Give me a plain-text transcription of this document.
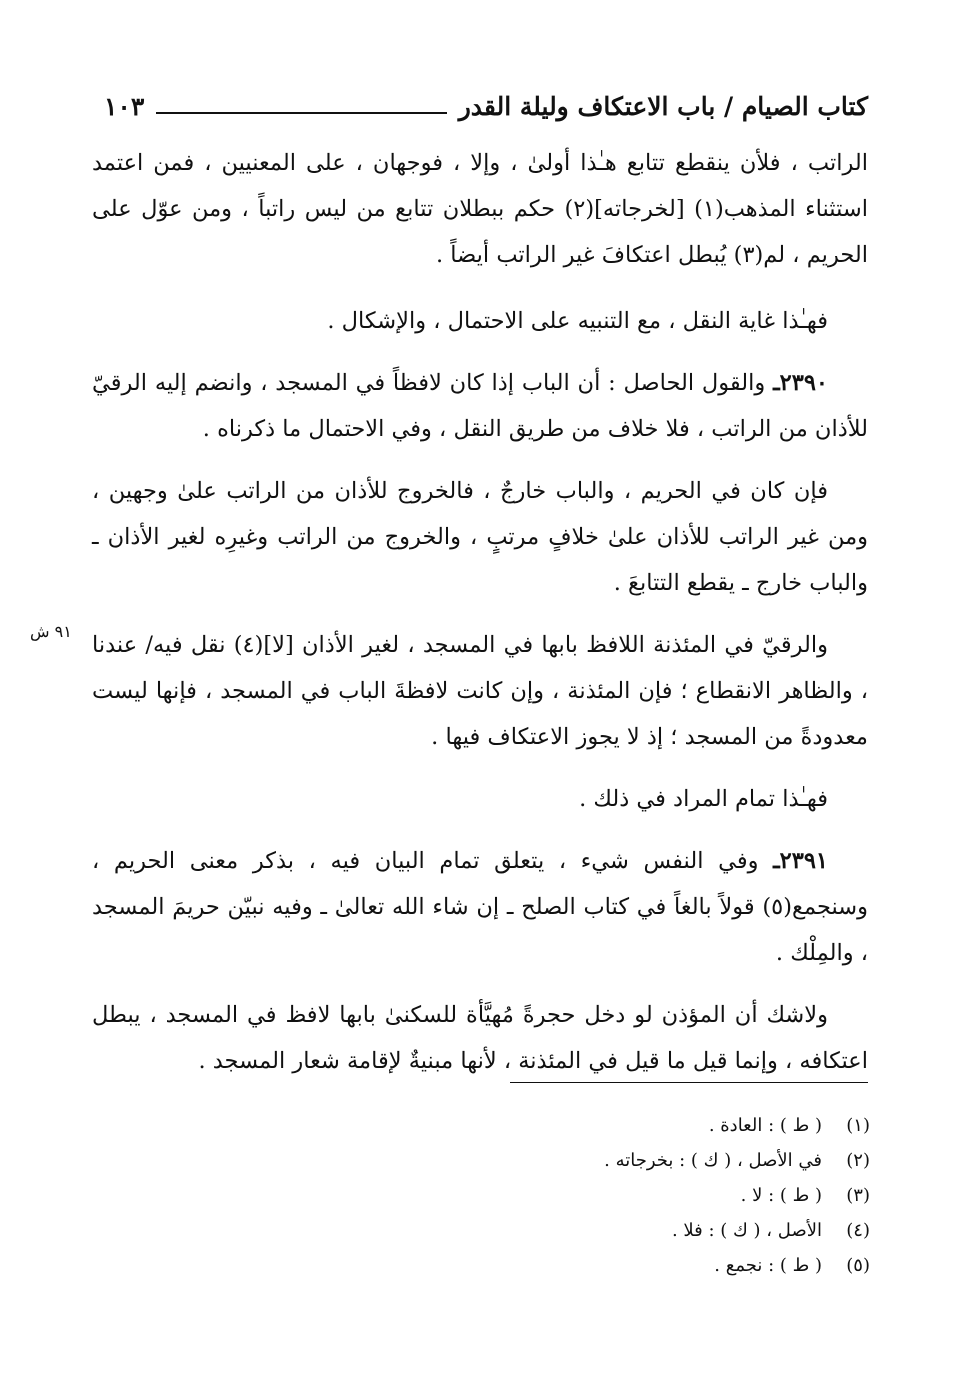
كتاب الصيام / باب الاعتكاف وليلة القدر
١٠٣

الراتب ، فلأن ينقطع تتابع هـٰذا أولىٰ ، وإلا ، فوجهان ، على المعنيين ، فمن اعتمد استثناء المذهب(١) [لخرجاته](٢) حكم ببطلان تتابع من ليس راتباً ، ومن عوّل على الحريم ، لم(٣) يُبطل اعتكافَ غير الراتب أيضاً .

فهـٰذا غاية النقل ، مع التنبيه على الاحتمال ، والإشكال .

٢٣٩٠ـ والقول الحاصل : أن الباب إذا كان لافظاً في المسجد ، وانضم إليه الرقيّ للأذان من الراتب ، فلا خلاف من طريق النقل ، وفي الاحتمال ما ذكرناه .

فإن كان في الحريم ، والباب خارجٌ ، فالخروج للأذان من الراتب علىٰ وجهين ، ومن غير الراتب للأذان علىٰ خلافٍ مرتبٍ ، والخروج من الراتب وغيرِه لغير الأذان ـ والباب خارج ـ يقطع التتابعَ .

والرقيّ في المئذنة اللافظ بابها في المسجد ، لغير الأذان [لا](٤) نقل فيه/ عندنا ، والظاهر الانقطاع ؛ فإن المئذنة ، وإن كانت لافظةَ الباب في المسجد ، فإنها ليست معدودةً من المسجد ؛ إذ لا يجوز الاعتكاف فيها .

فهـٰذا تمام المراد في ذلك .

٢٣٩١ـ وفي النفس شيء ، يتعلق تمام البيان فيه ، بذكر معنى الحريم ، وسنجمع(٥) قولاً بالغاً في كتاب الصلح ـ إن شاء الله تعالىٰ ـ وفيه نبيّن حريمَ المسجد ، والمِلْك .

ولاشك أن المؤذن لو دخل حجرةً مُهيَّأة للسكنىٰ بابها لافظ في المسجد ، يبطل اعتكافه ، وإنما قيل ما قيل في المئذنة ، لأنها مبنيةٌ لإقامة شعار المسجد .

٩١ ش
(١)( ط ) : العادة .
(٢)في الأصل ، ( ك ) : بخرجاته .
(٣)( ط ) : لا .
(٤)الأصل ، ( ك ) : فلا .
(٥)( ط ) : نجمع .
